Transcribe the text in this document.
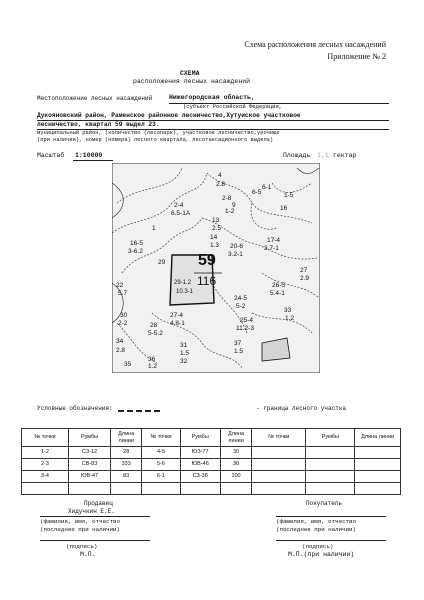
Схема расположения лесных насаждений
Приложение № 2
СХЕМА
расположения лесных насаждений
Местоположение лесных насаждений	Нижегородская область,
(субъект Российской Федерации,
Дукояновский район, Раменское районное лесничество,Хутуиское участковое
лесничество, квартал 59 выдел 23.
муниципальный район, (количество (лесопарк), участковое лесничество,урочище
(при наличии), номер (номера) лесного квартала, лесотаксационного выдела)
Масштаб 1:10000	Площадь 1,1 гектар
59
116
4
2.8
6-5
6-1
16
1-5
2-4
6.5-1A
2-8
9
1-2
13
2.5
1
14
1.3
16-5
3-6.2
20-6
3.2-1
17-4
3.7-1
22
5.7
29
27
2.9
26-5
5.4-1
24-5
5-2
30
2-2
33
1.2
28
5-5.2
25-4
11.2-3
34
2.8
31
1.5
37
1.5
35
36
1.2
32
29-1.2
10.3-1
27-4
4.8-1
Условные обозначения:	- граница лесного участка
№ точки	Румбы	Длина линии	№ точки	Румбы	Длина линии	№ точки	Румбы	Длина линии
1-2	СЗ-12	28	4-5	ЮЗ-77	30			
2-3	СВ-83	333	5-6	ЮВ-46	30			
3-4	ЮВ-47	83	6-1	СЗ-38	100			

Продавец
Хидучкин Е.Е.
(фамилия, имя, отчество
(последнее при наличии)
(подпись)
М.П.
Покупатель
(фамилия, имя, отчество
(последнее при наличии)
(подпись)
М.П.(при наличии)
